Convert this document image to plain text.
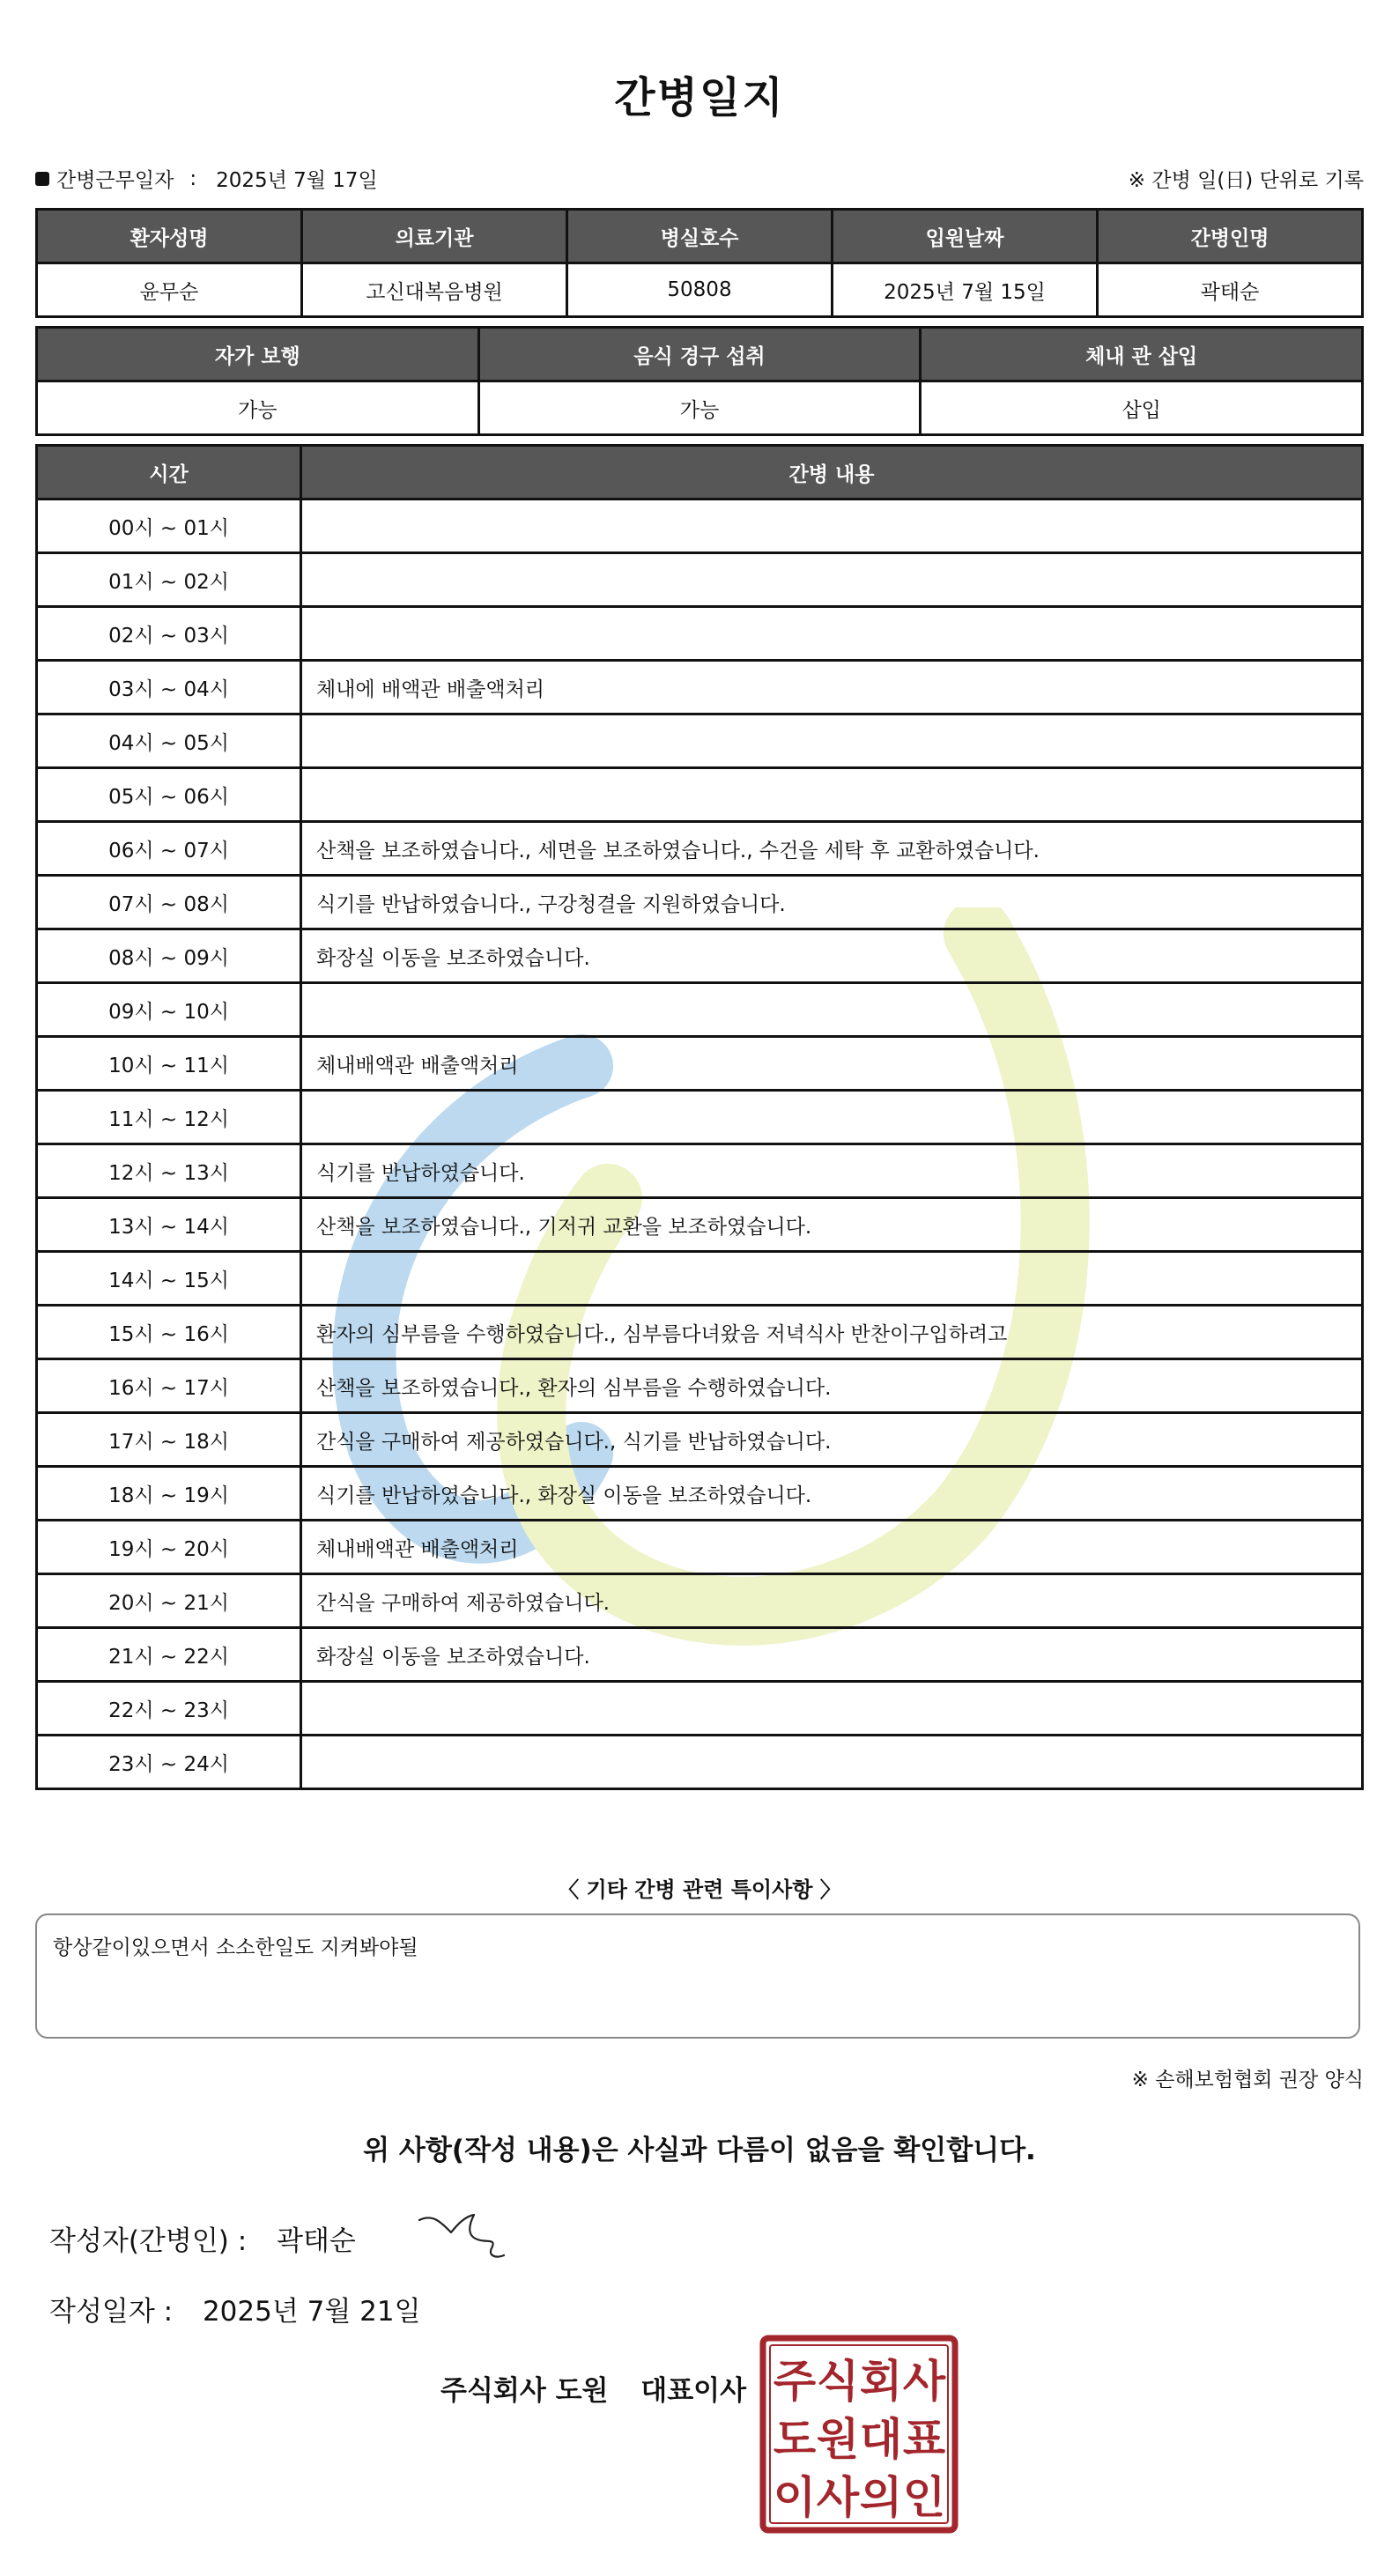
간병일지
간병근무일자 : 2025년 7월 17일	※ 간병 일(日) 단위로 기록
환자성명	의료기관	병실호수	입원날짜	간병인명
윤무순	고신대복음병원	50808	2025년 7월 15일	곽태순
자가 보행	음식 경구 섭취	체내 관 삽입
가능	가능	삽입
시간	간병 내용
00시 ~ 01시	
01시 ~ 02시	
02시 ~ 03시	
03시 ~ 04시	체내에 배액관 배출액처리
04시 ~ 05시	
05시 ~ 06시	
06시 ~ 07시	산책을 보조하였습니다., 세면을 보조하였습니다., 수건을 세탁 후 교환하였습니다.
07시 ~ 08시	식기를 반납하였습니다., 구강청결을 지원하였습니다.
08시 ~ 09시	화장실 이동을 보조하였습니다.
09시 ~ 10시	
10시 ~ 11시	체내배액관 배출액처리
11시 ~ 12시	
12시 ~ 13시	식기를 반납하였습니다.
13시 ~ 14시	산책을 보조하였습니다., 기저귀 교환을 보조하였습니다.
14시 ~ 15시	
15시 ~ 16시	환자의 심부름을 수행하였습니다., 심부름다녀왔음 저녁식사 반찬이구입하려고
16시 ~ 17시	산책을 보조하였습니다., 환자의 심부름을 수행하였습니다.
17시 ~ 18시	간식을 구매하여 제공하였습니다., 식기를 반납하였습니다.
18시 ~ 19시	식기를 반납하였습니다., 화장실 이동을 보조하였습니다.
19시 ~ 20시	체내배액관 배출액처리
20시 ~ 21시	간식을 구매하여 제공하였습니다.
21시 ~ 22시	화장실 이동을 보조하였습니다.
22시 ~ 23시	
23시 ~ 24시	
〈 기타 간병 관련 특이사항 〉
항상같이있으면서 소소한일도 지켜봐야될
※ 손해보험협회 권장 양식
위 사항(작성 내용)은 사실과 다름이 없음을 확인합니다.
작성자(간병인) : 곽태순
작성일자 : 2025년 7월 21일
주식회사 도원 대표이사 주 식 회 사
도 원 대 표
이 사 의 인
